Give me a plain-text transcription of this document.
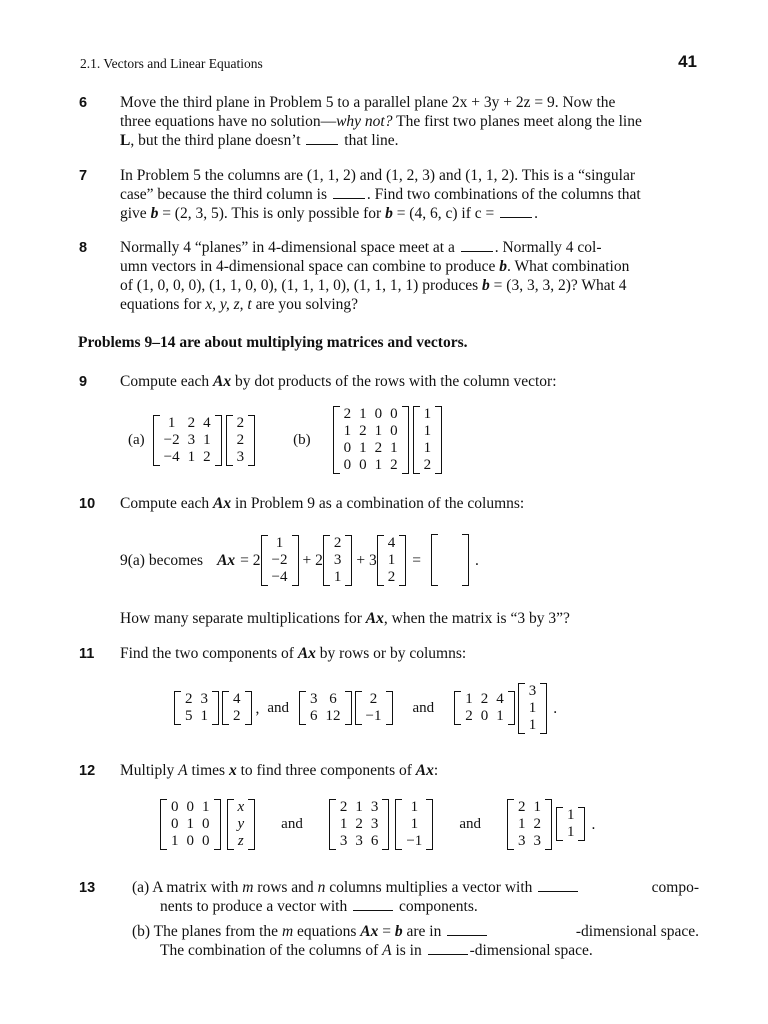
2.1. Vectors and Linear Equations	41
6 Move the third plane in Problem 5 to a parallel plane 2x + 3y + 2z = 9. Now the
three equations have no solution—why not? The first two planes meet along the line
L, but the third plane doesn’t	that line.
7 In Problem 5 the columns are (1, 1, 2) and (1, 2, 3) and (1, 1, 2). This is a “singular
case” because the third column is	. Find two combinations of the columns that
give b = (2, 3, 5). This is only possible for b = (4, 6, c) if c =	.
8 Normally 4 “planes” in 4-dimensional space meet at a	. Normally 4 col-
umn vectors in 4-dimensional space can combine to produce b. What combination
of (1, 0, 0, 0), (1, 1, 0, 0), (1, 1, 1, 0), (1, 1, 1, 1) produces b = (3, 3, 3, 2)? What 4
equations for x, y, z, t are you solving?
Problems 9–14 are about multiplying matrices and vectors.
9 Compute each Ax by dot products of the rows with the column vector:
(a)
1	2	4
−2	3	1
−4	1	2
2
2
3
(b)
2	1	0	0
1	2	1	0
0	1	2	1
0	0	1	2
1
1
1
2
10 Compute each Ax in Problem 9 as a combination of the columns:
9(a) becomes Ax = 2
1
−2
−4
+ 2
2
3
1
+ 3
4
1
2
=	.
How many separate multiplications for Ax, when the matrix is “3 by 3”?
11 Find the two components of Ax by rows or by columns:
2	3
5	1
4
2 , and
3	6
6	12
2
−1
and
1	2	4
2	0	1
3
1
1
.
12 Multiply A times x to find three components of Ax:
0	0	1
0	1	0
1	0	0
x
y
z
and
2	1	3
1	2	3
3	3	6
1
1
−1
and
2	1
1	2
3	3
1
1 .
13 (a) A matrix with m rows and n columns multiplies a vector with	compo-
nents to produce a vector with	components.
(b) The planes from the m equations Ax = b are in	-dimensional space.
The combination of the columns of A is in	-dimensional space.
